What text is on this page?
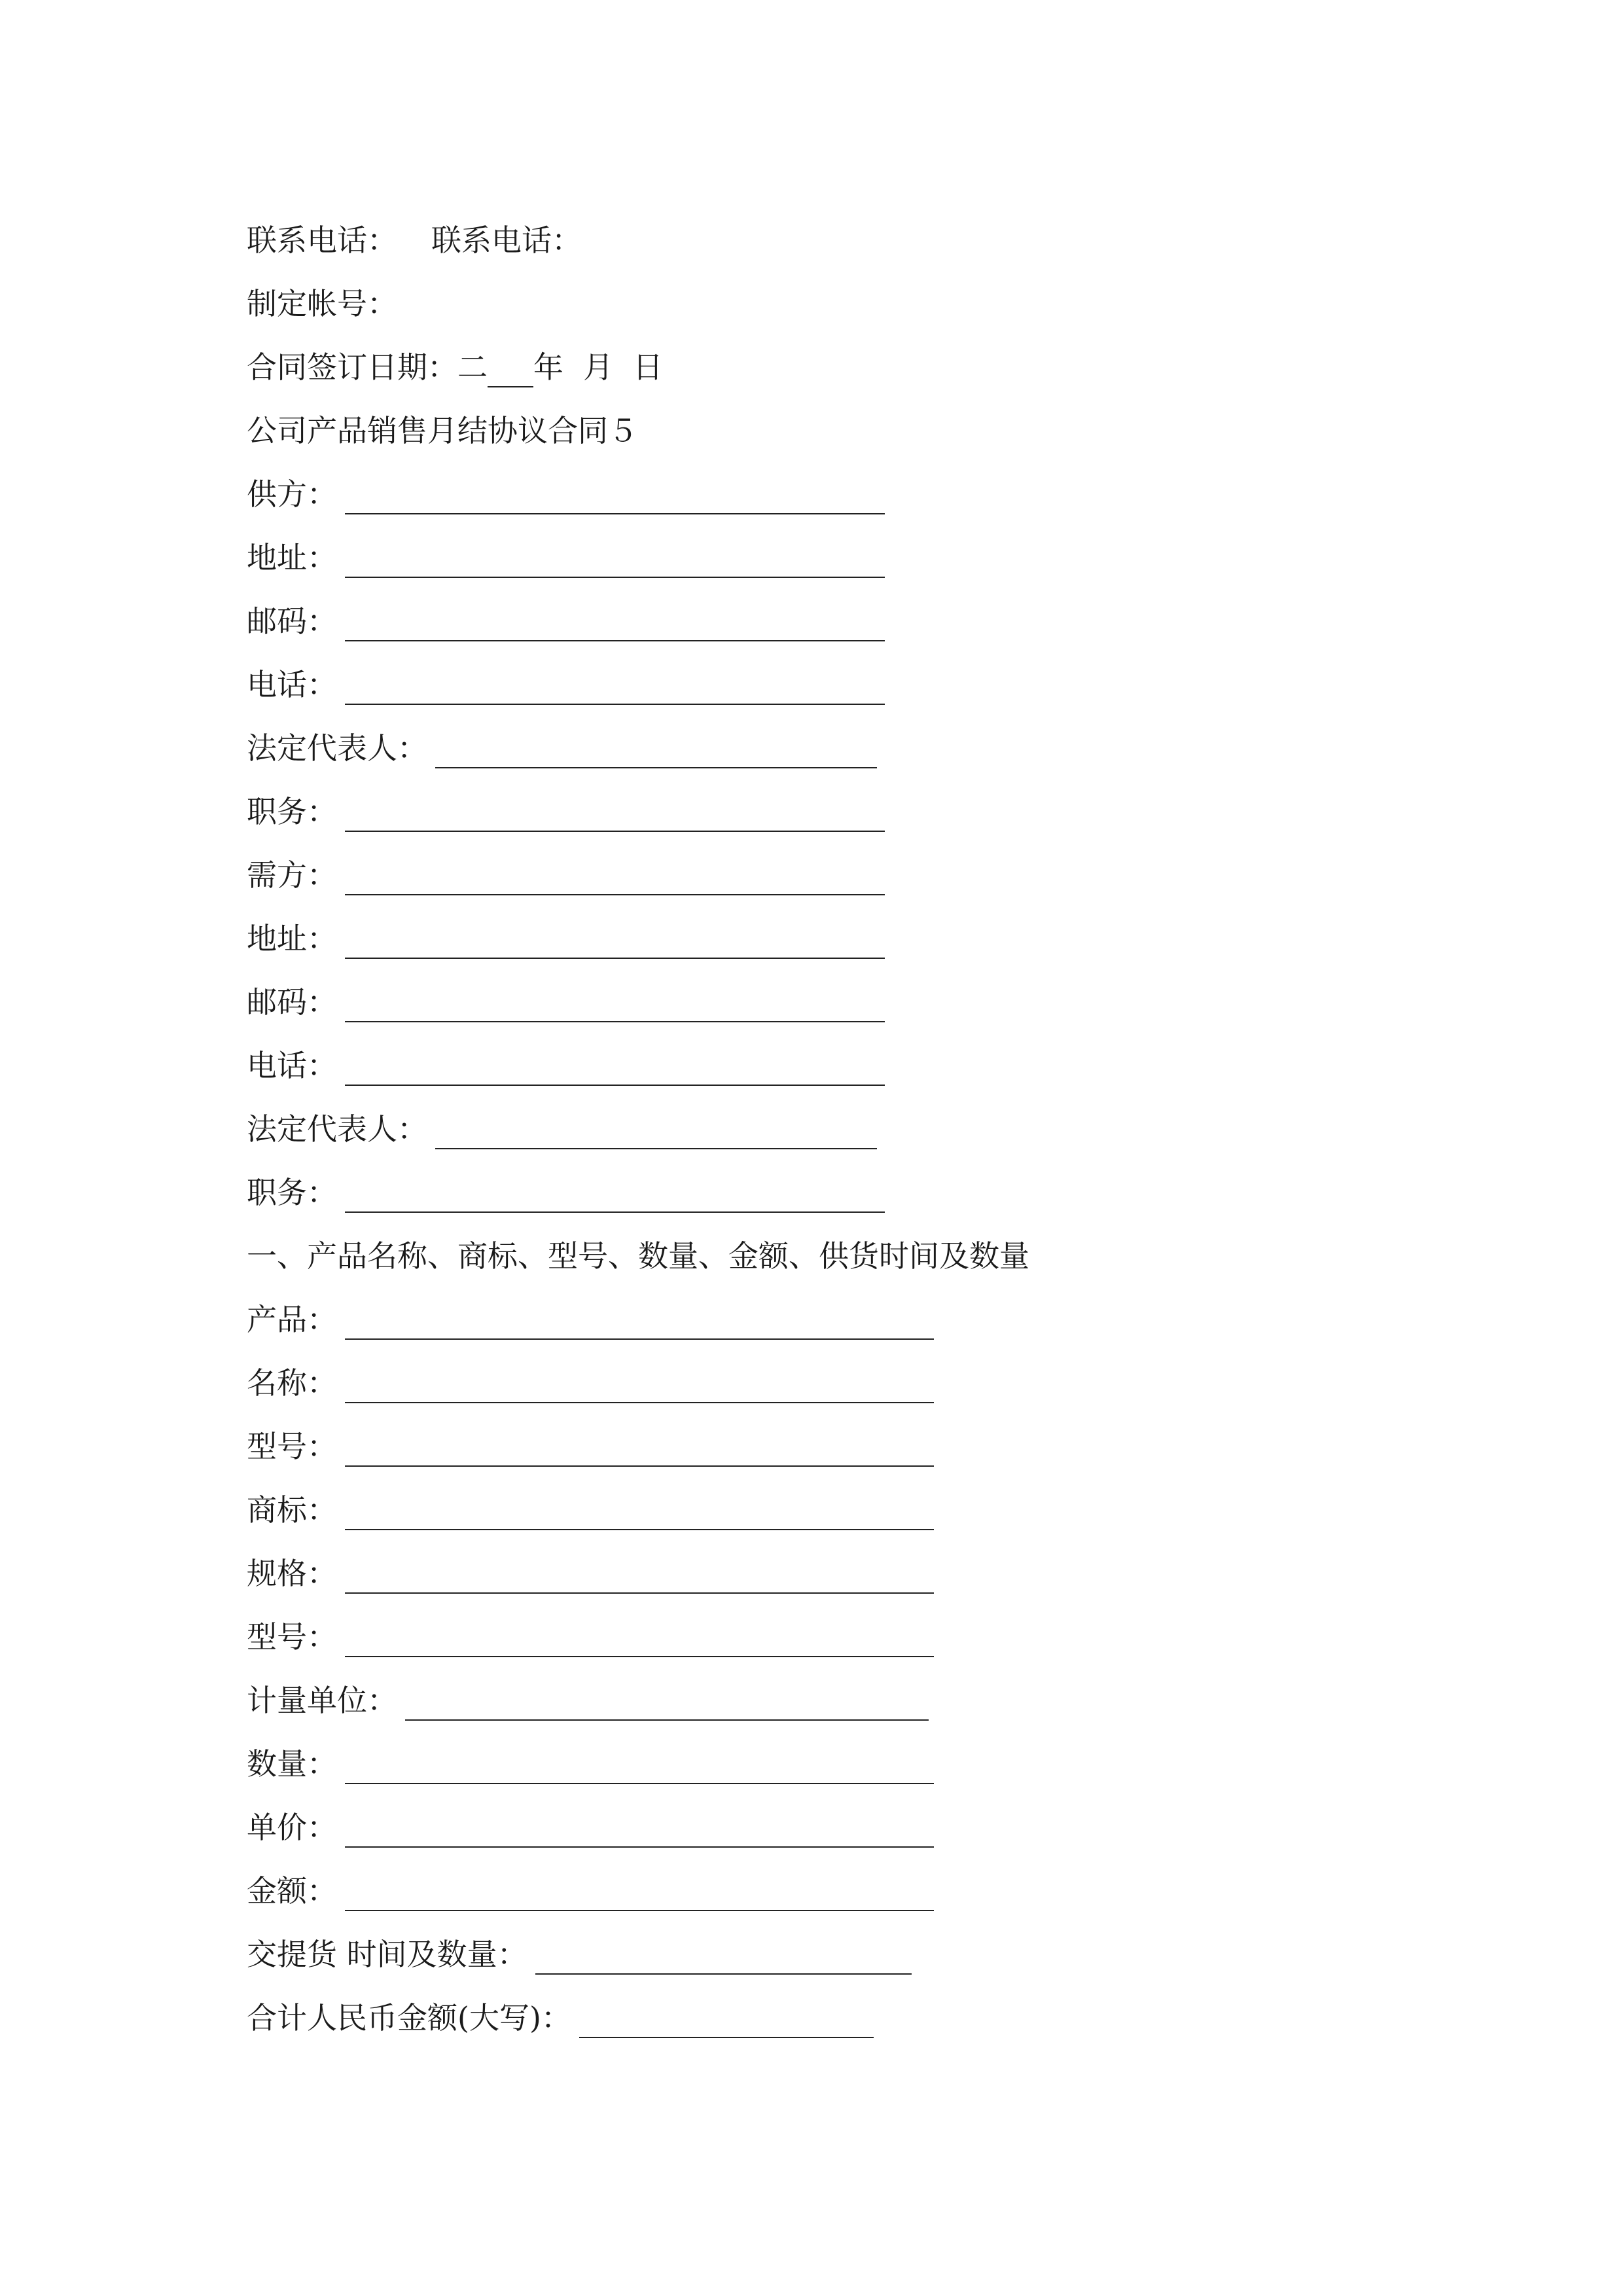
联系电话： 联系电话：
制定帐号：
合同签订日期：二 年 月 日
公司产品销售月结协议合同５
供方：
地址：
邮码：
电话：
法定代表人：
职务：
需方：
地址：
邮码：
电话：
法定代表人：
职务：
一、产品名称、商标、型号、数量、金额、供货时间及数量
产品：
名称：
型号：
商标：
规格：
型号：
计量单位：
数量：
单价：
金额：
交提货 时间及数量：
合计人民币金额(大写)：
